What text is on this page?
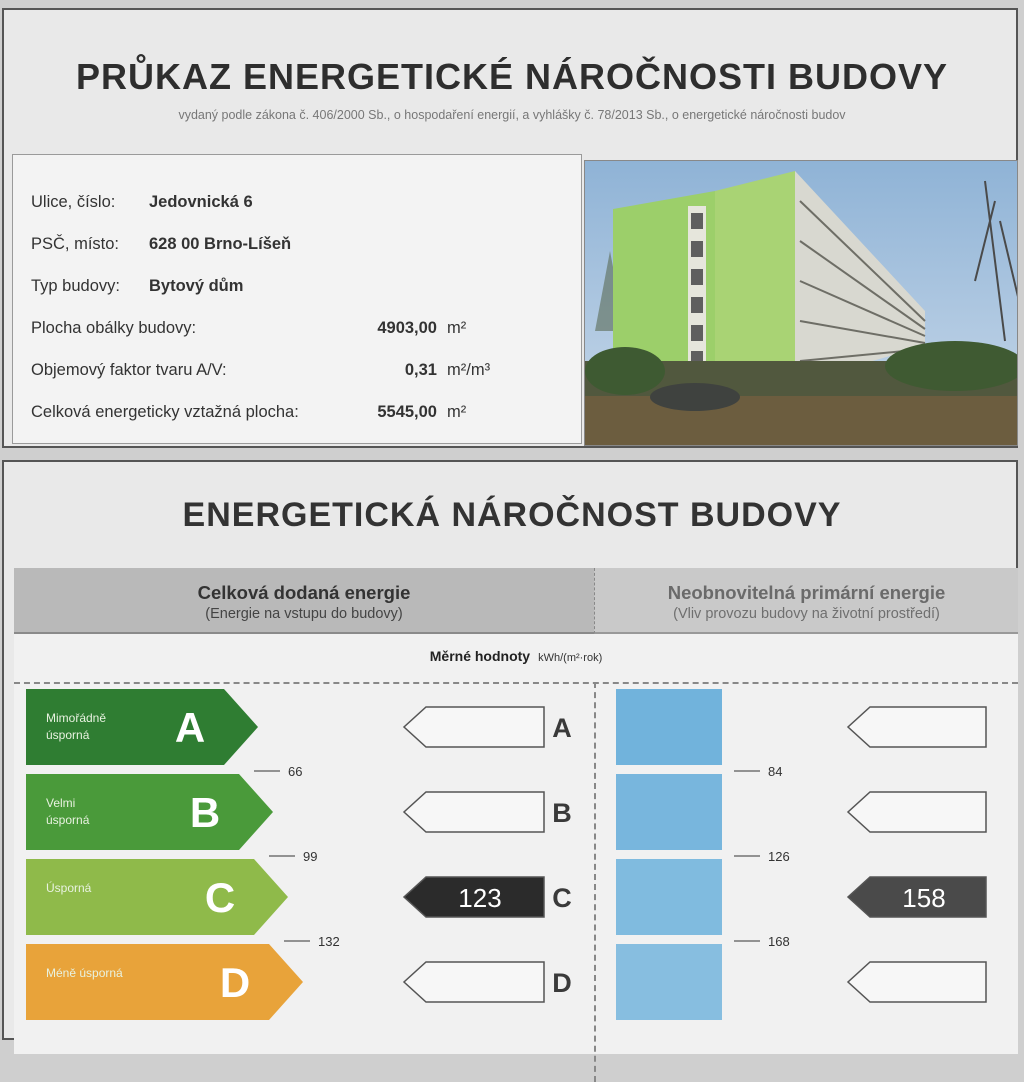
PRŮKAZ ENERGETICKÉ NÁROČNOSTI BUDOVY
vydaný podle zákona č. 406/2000 Sb., o hospodaření energií, a vyhlášky č. 78/2013 Sb., o energetické náročnosti budov
Ulice, číslo: Jedovnická 6
PSČ, místo: 628 00 Brno-Líšeň
Typ budovy: Bytový dům
Plocha obálky budovy:	4903,00 m²
Objemový faktor tvaru A/V:	0,31 m²/m³
Celková energeticky vztažná plocha:	5545,00 m²
ENERGETICKÁ NÁROČNOST BUDOVY
Celková dodaná energie
(Energie na vstupu do budovy)
Neobnovitelná primární energie
(Vliv provozu budovy na životní prostředí)
Měrné hodnoty kWh/(m²·rok)
Mimořádně
úsporná A	A
Velmi
úsporná B	B
Úsporná	C	123 C	158
Méně úsporná D	D
66
99
132
84
126
168
